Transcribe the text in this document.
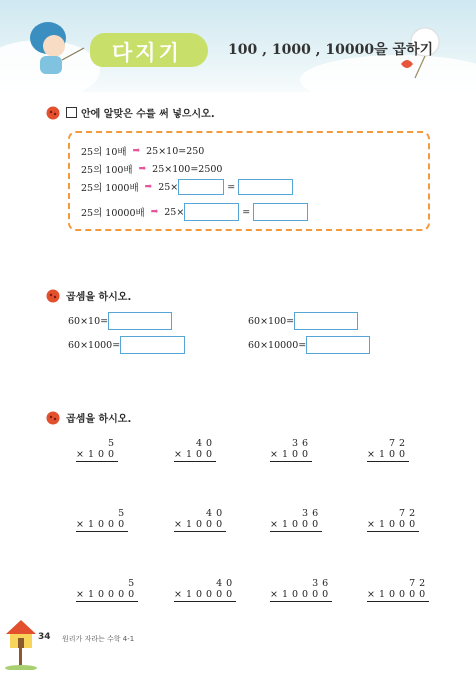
다지기	100 , 1000 , 10000을 곱하기
안에 알맞은 수를 써 넣으시오.
25의 10배 ➡ 25×10=250
25의 100배 ➡ 25×100=2500
25의 1000배 ➡ 25×	=
25의 10000배 ➡ 25×	=
곱셈을 하시오.
60×10=	60×100=
60×1000=	60×10000=
곱셈을 하시오.
5
×100
40
×100
36
×100
72
×100
5
×1000
40
×1000
36
×1000
72
×1000
5
×10000
40
×10000
36
×10000
72
×10000
34 원리가 자라는 수학 4-1
